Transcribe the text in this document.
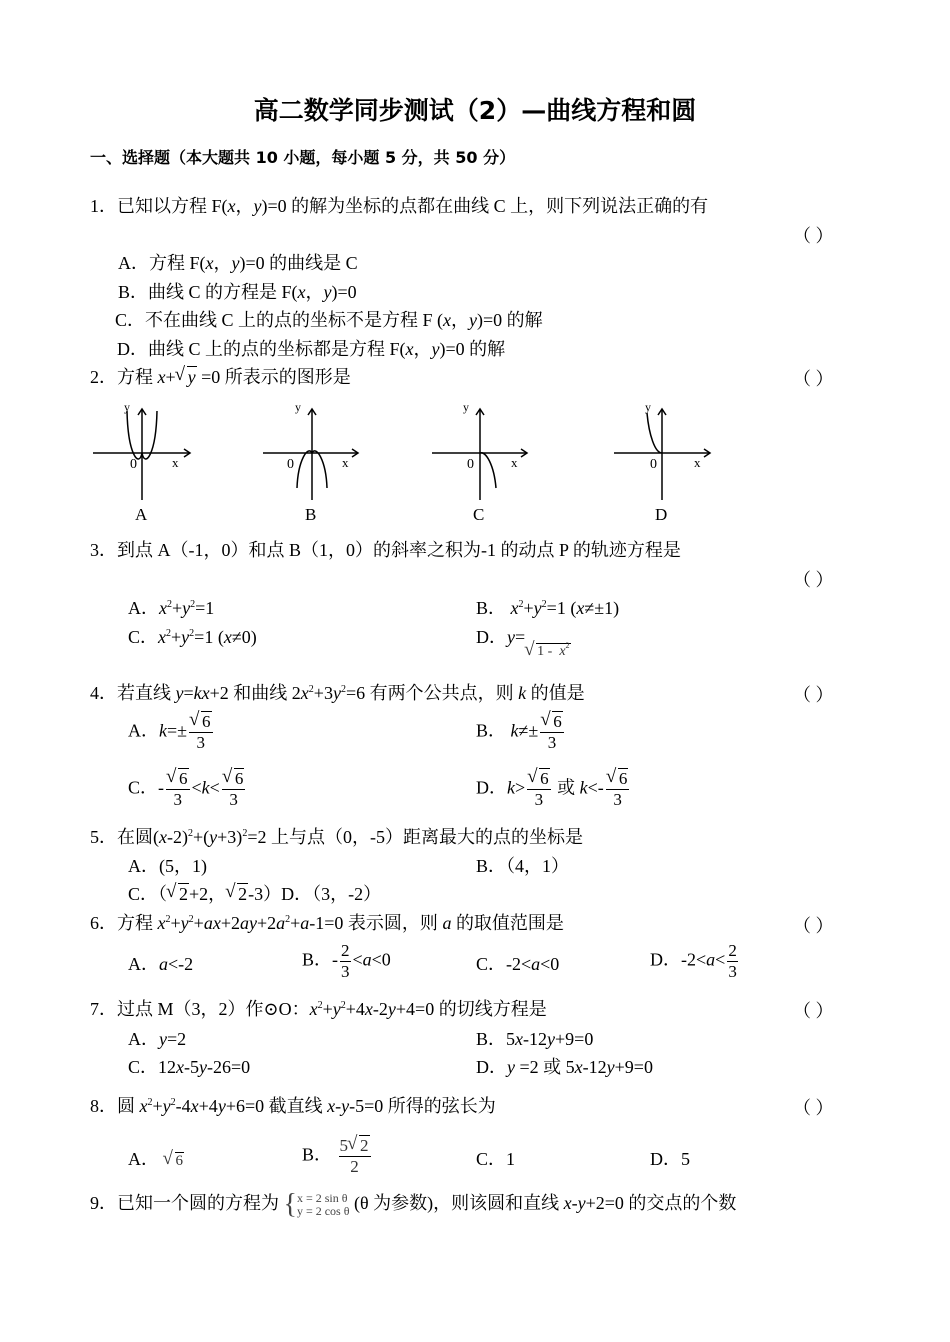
高二数学同步测试（2）—曲线方程和圆
一、选择题（本大题共 10 小题，每小题 5 分，共 50 分）
1．已知以方程 F(x，y)=0 的解为坐标的点都在曲线 C 上，则下列说法正确的有
（ ）
A．方程 F(x，y)=0 的曲线是 C
B．曲线 C 的方程是 F(x，y)=0
C．不在曲线 C 上的点的坐标不是方程 F (x，y)=0 的解
D．曲线 C 上的点的坐标都是方程 F(x，y)=0 的解
2．方程 x+ √ y =0 所表示的图形是	（ ）
y
0	x
A
y
0	x
B
y
0	x
C
y
0	x
D
3．到点 A（-1，0）和点 B（1，0）的斜率之积为-1 的动点 P 的轨迹方程是
（ ）
A．$x^2+y^2=1$	B． $x^2+y^2=1$ (x≠±1)
C．$x^2+y^2=1$ (x≠0)	D．y=√ $_{1 - x^2}$
4．若直线 y=kx+2 和曲线 $2x^2+3y^2=6$ 有两个公共点，则 k 的值是	（ ）
A．k=± √ $\frac{6}{3}$	B． k≠± √ $\frac{6}{3}$
C．- √ $\frac{6}{3} <k<$ √ $\frac{6}{3}$	D．k> √ $\frac{6}{3}$ 或 k<- √ $\frac{6}{3}$
5．在圆$(x-2)^2+(y+3)^2=2$ 上与点（0，-5）距离最大的点的坐标是
A．(5，1)	B．（4，1）
C．（ √ 2+2， √ 2-3）D．（3，-2）
6．方程 $x^2+y^2+ax+2ay+2a^2+a-1=0$ 表示圆，则 a 的取值范围是	（ ）
A．a<-2	B．- $\frac{2}{3} <a<0$	C．-2<a<0	D．$-2<a< \frac{2}{3}$
7．过点 M（3，2）作⊙O：$x^2+y^2+4x-2y+4=0$ 的切线方程是	（ ）
A．y=2	B．5x-12y+9=0
C．12x-5y-26=0	D．y =2 或 5x-12y+9=0
8．圆 $x^2+y^2-4x+4y+6=0$ 截直线 x-y-5=0 所得的弦长为	（ ）
A． √ 6	B． $\frac{5 √ 2}{2}$	C．1	D．5
9．已知一个圆的方程为 { x = 2 sin θ
y = 2 cos θ (θ 为参数)，则该圆和直线 x-y+2=0 的交点的个数
